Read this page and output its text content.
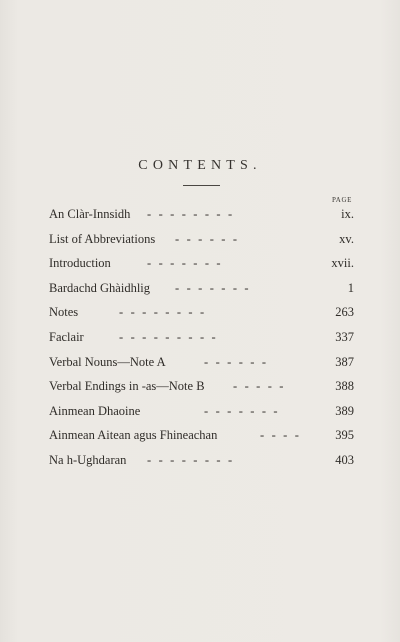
CONTENTS.
PAGE
An Clàr-Innsidh -        -        -        -        -        -        -        -	ix.
List of Abbreviations -        -        -        -        -        -	xv.
Introduction	-        -        -        -        -        -        -	xvii.
Bardachd Ghàidhlig -        -        -        -        -        -        -	1
Notes	-        -        -        -        -        -        -        -	263
Faclair	-        -        -        -        -        -        -        -        -	337
Verbal Nouns—Note A	-        -        -        -        -        -	387
Verbal Endings in -as—Note B -        -        -        -        -	388
Ainmean Dhaoine	-        -        -        -        -        -        -	389
Ainmean Aitean agus Fhineachan	-        -        -        -	395
Na h-Ughdaran -        -        -        -        -        -        -        -	403
